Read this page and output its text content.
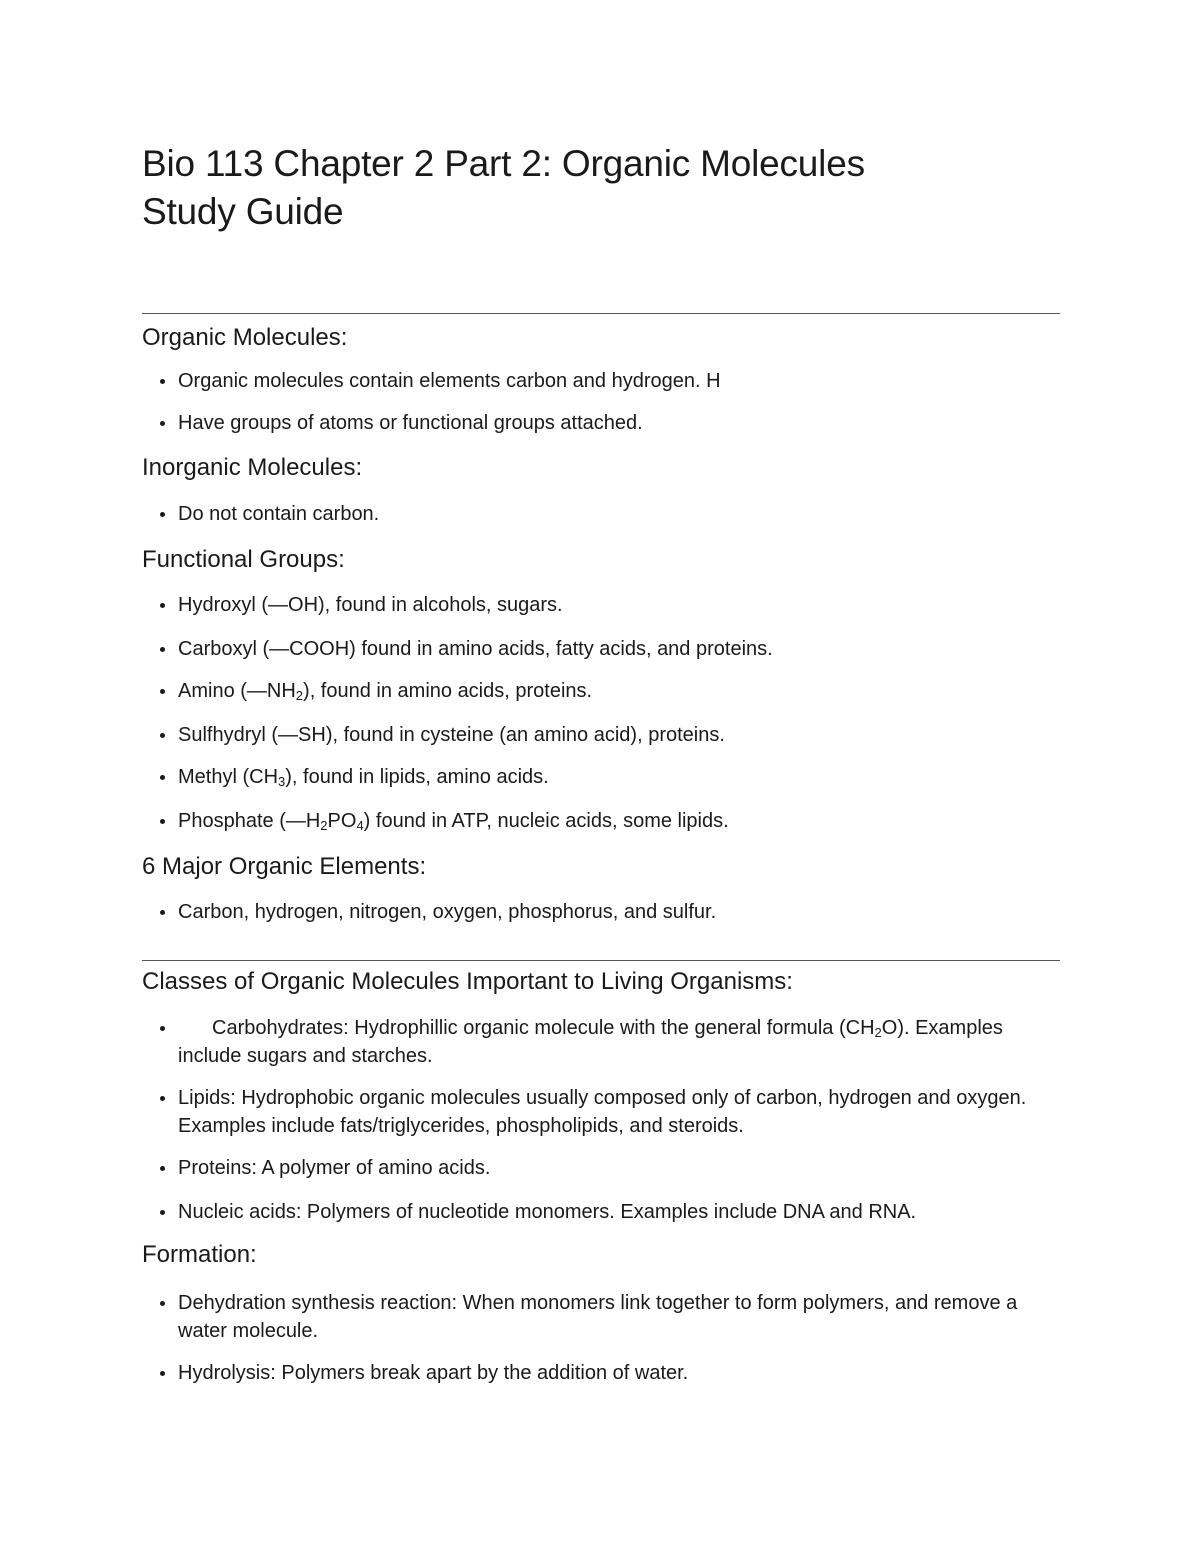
Bio 113 Chapter 2 Part 2: Organic Molecules
Study Guide
Organic Molecules:
Organic molecules contain elements carbon and hydrogen. H
Have groups of atoms or functional groups attached.
Inorganic Molecules:
Do not contain carbon.
Functional Groups:
Hydroxyl (—OH), found in alcohols, sugars.
Carboxyl (—COOH) found in amino acids, fatty acids, and proteins.
Amino $(—NH_2)$, found in amino acids, proteins.
Sulfhydryl (—SH), found in cysteine (an amino acid), proteins.
Methyl $(CH_3)$, found in lipids, amino acids.
Phosphate $(—H_2PO_4)$ found in ATP, nucleic acids, some lipids.
6 Major Organic Elements:
Carbon, hydrogen, nitrogen, oxygen, phosphorus, and sulfur.
Classes of Organic Molecules Important to Living Organisms:
Carbohydrates: Hydrophillic organic molecule with the general formula $(CH_2O)$. Examples include sugars and starches.
Lipids: Hydrophobic organic molecules usually composed only of carbon, hydrogen and oxygen. Examples include fats/triglycerides, phospholipids, and steroids.
Proteins: A polymer of amino acids.
Nucleic acids: Polymers of nucleotide monomers. Examples include DNA and RNA.
Formation:
Dehydration synthesis reaction: When monomers link together to form polymers, and remove a water molecule.
Hydrolysis: Polymers break apart by the addition of water.
